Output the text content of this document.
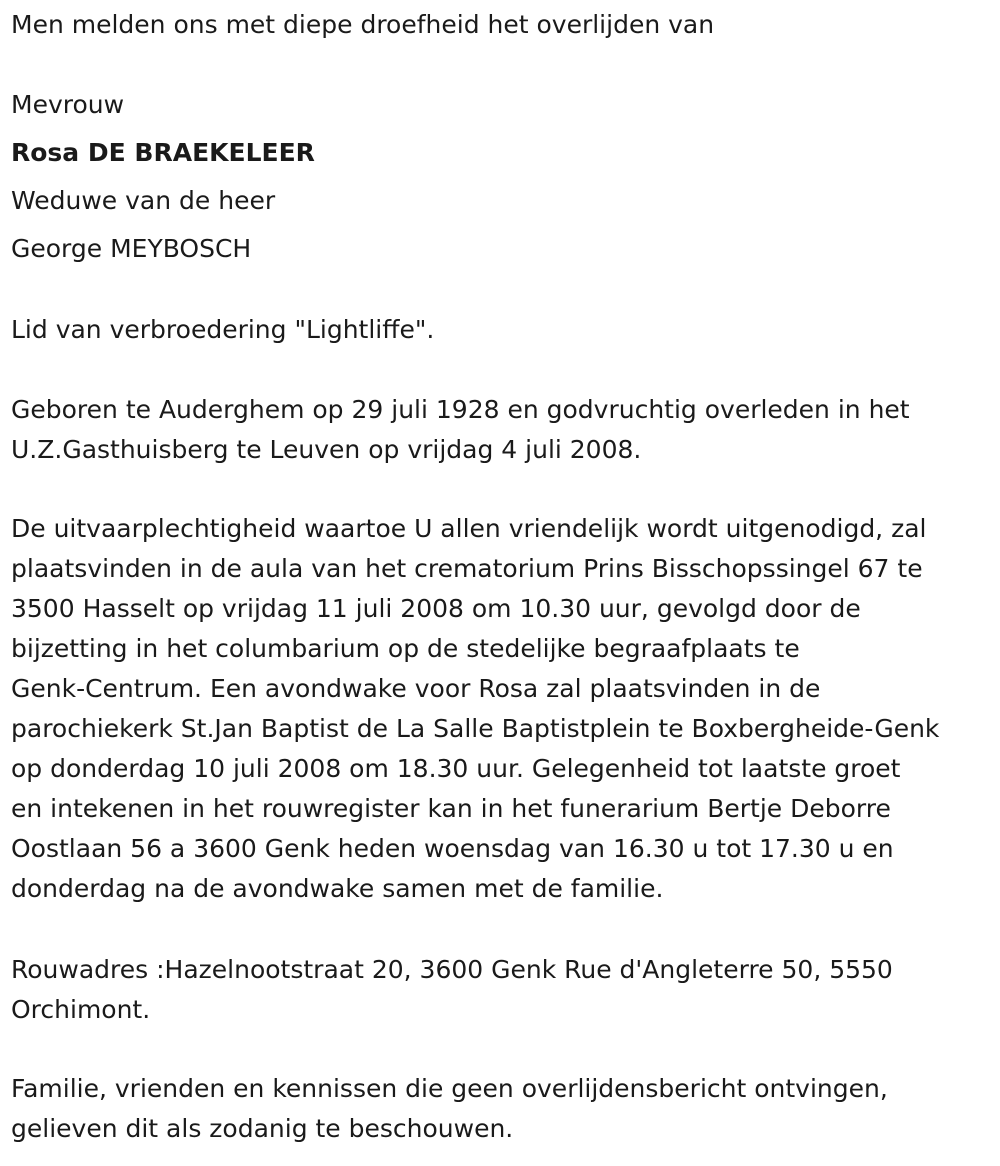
Men melden ons met diepe droefheid het overlijden van

Mevrouw

Rosa DE BRAEKELEER

Weduwe van de heer

George MEYBOSCH

Lid van verbroedering "Lightliffe".

Geboren te Auderghem op 29 juli 1928 en godvruchtig overleden in het
U.Z.Gasthuisberg te Leuven op vrijdag 4 juli 2008.
De uitvaarplechtigheid waartoe U allen vriendelijk wordt uitgenodigd, zal
plaatsvinden in de aula van het crematorium Prins Bisschopssingel 67 te
3500 Hasselt op vrijdag 11 juli 2008 om 10.30 uur, gevolgd door de
bijzetting in het columbarium op de stedelijke begraafplaats te
Genk-Centrum. Een avondwake voor Rosa zal plaatsvinden in de
parochiekerk St.Jan Baptist de La Salle Baptistplein te Boxbergheide-Genk
op donderdag 10 juli 2008 om 18.30 uur. Gelegenheid tot laatste groet
en intekenen in het rouwregister kan in het funerarium Bertje Deborre
Oostlaan 56 a 3600 Genk heden woensdag van 16.30 u tot 17.30 u en
donderdag na de avondwake samen met de familie.
Rouwadres :Hazelnootstraat 20, 3600 Genk Rue d'Angleterre 50, 5550
Orchimont.
Familie, vrienden en kennissen die geen overlijdensbericht ontvingen,
gelieven dit als zodanig te beschouwen.
